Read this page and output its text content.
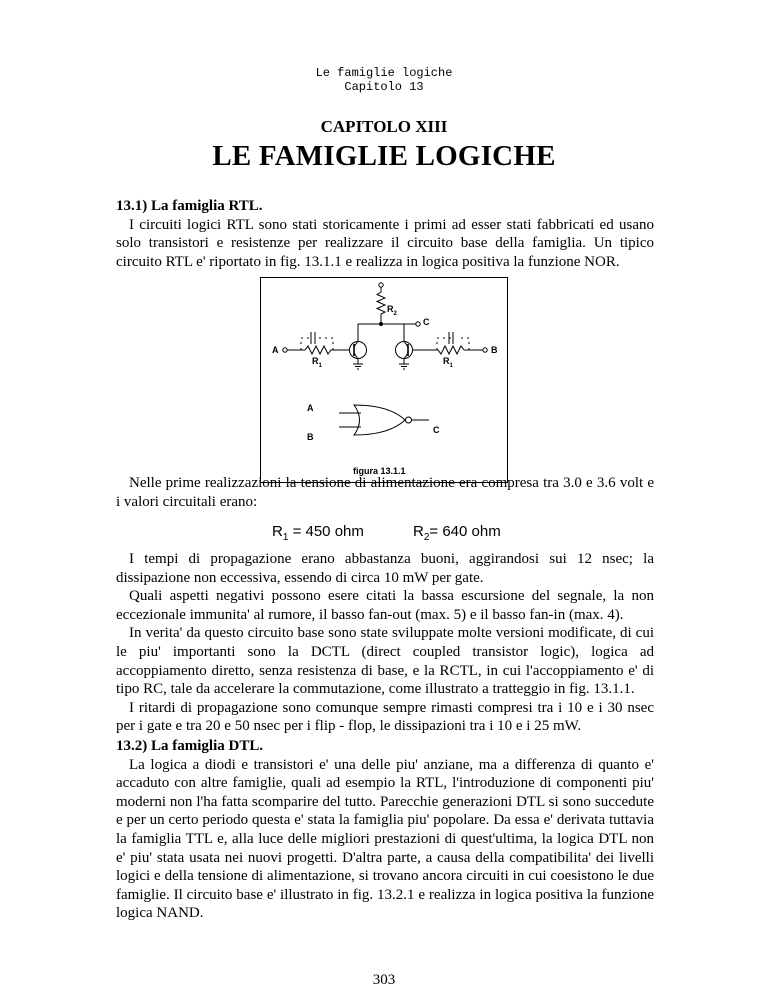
Le famiglie logiche
Capitolo 13
CAPITOLO XIII
LE FAMIGLIE LOGICHE
13.1) La famiglia RTL.

I circuiti logici RTL sono stati storicamente i primi ad esser stati fabbricati ed usano solo transistori e resistenze per realizzare il circuito base della famiglia. Un tipico circuito RTL e' riportato in fig. 13.1.1 e realizza in logica positiva la funzione NOR.

$R_2$
C
A	B
$R_1$	$R_1$
A
B
C
figura 13.1.1

Nelle prime realizzazioni la tensione di alimentazione era compresa tra 3.0 e 3.6 volt e i valori circuitali erano:

$R_1 = 450$ ohm	$R_2= 640$ ohm

I tempi di propagazione erano abbastanza buoni, aggirandosi sui 12 nsec; la dissipazione non eccessiva, essendo di circa 10 mW per gate.

Quali aspetti negativi possono esere citati la bassa escursione del segnale, la non eccezionale immunita' al rumore, il basso fan-out (max. 5) e il basso fan-in (max. 4).

In verita' da questo circuito base sono state sviluppate molte versioni modificate, di cui le piu' importanti sono la DCTL (direct coupled transistor logic), logica ad accoppiamento diretto, senza resistenza di base, e la RCTL, in cui l'accoppiamento e' di tipo RC, tale da accelerare la commutazione, come illustrato a tratteggio in fig. 13.1.1.

I ritardi di propagazione sono comunque sempre rimasti compresi tra i 10 e i 30 nsec per i gate e tra 20 e 50 nsec per i flip - flop, le dissipazioni tra i 10 e i 25 mW.

13.2) La famiglia DTL.

La logica a diodi e transistori e' una delle piu' anziane, ma a differenza di quanto e' accaduto con altre famiglie, quali ad esempio la RTL, l'introduzione di componenti piu' moderni non l'ha fatta scomparire del tutto. Parecchie generazioni DTL si sono succedute e per un certo periodo questa e' stata la famiglia piu' popolare. Da essa e' derivata tuttavia la famiglia TTL e, alla luce delle migliori prestazioni di quest'ultima, la logica DTL non e' piu' stata usata nei nuovi progetti. D'altra parte, a causa della compatibilita' dei livelli logici e della tensione di alimentazione, si trovano ancora circuiti in cui coesistono le due famiglie. Il circuito base e' illustrato in fig. 13.2.1 e realizza in logica positiva la funzione logica NAND.

303
